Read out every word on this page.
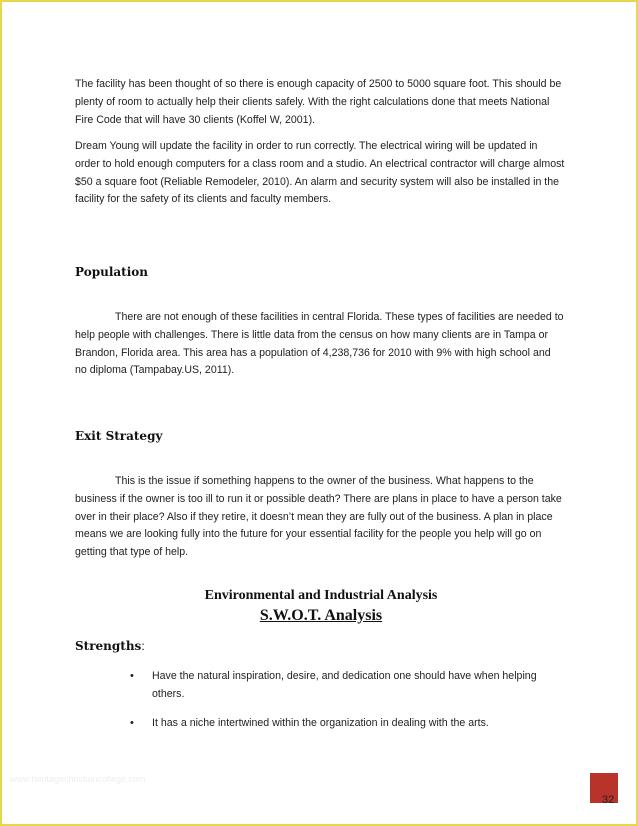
The facility has been thought of so there is enough capacity of 2500 to 5000 square foot. This should be plenty of room to actually help their clients safely. With the right calculations done that meets National Fire Code that will have 30 clients (Koffel W, 2001).

Dream Young will update the facility in order to run correctly. The electrical wiring will be updated in order to hold enough computers for a class room and a studio. An electrical contractor will charge almost $50 a square foot (Reliable Remodeler, 2010). An alarm and security system will also be installed in the facility for the safety of its clients and faculty members.

Population

There are not enough of these facilities in central Florida. These types of facilities are needed to help people with challenges. There is little data from the census on how many clients are in Tampa or Brandon, Florida area. This area has a population of 4,238,736 for 2010 with 9% with high school and no diploma (Tampabay.US, 2011).

Exit Strategy

This is the issue if something happens to the owner of the business. What happens to the business if the owner is too ill to run it or possible death? There are plans in place to have a person take over in their place? Also if they retire, it doesn’t mean they are fully out of the business. A plan in place means we are looking fully into the future for your essential facility for the people you help will go on getting that type of help.

Environmental and Industrial Analysis
S.W.O.T. Analysis
Strengths:
• Have the natural inspiration, desire, and dedication one should have when helping others.
• It has a niche intertwined within the organization in dealing with the arts.
www.heritagechristiancollege.com
32
